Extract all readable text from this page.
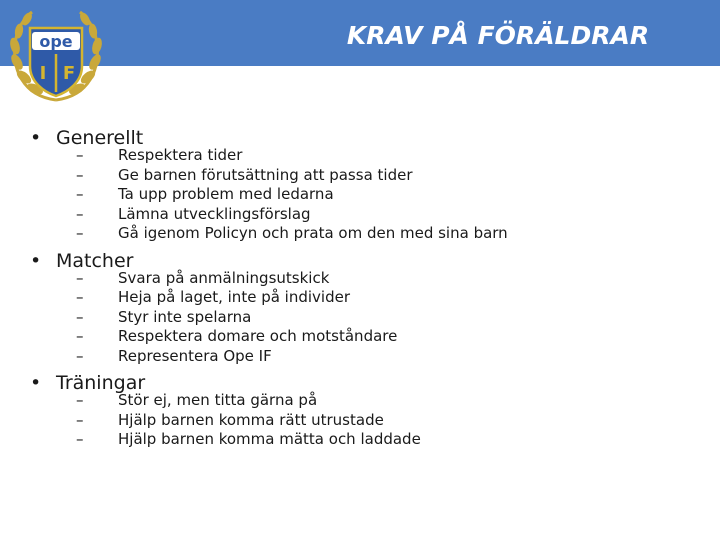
ope
I F
KRAV PÅ FÖRÄLDRAR
• Generellt
–	Respektera tider
–	Ge barnen förutsättning att passa tider
–	Ta upp problem med ledarna
–	Lämna utvecklingsförslag
–	Gå igenom Policyn och prata om den med sina barn
• Matcher
–	Svara på anmälningsutskick
–	Heja på laget, inte på individer
–	Styr inte spelarna
–	Respektera domare och motståndare
–	Representera Ope IF
• Träningar
–	Stör ej, men titta gärna på
–	Hjälp barnen komma rätt utrustade
–	Hjälp barnen komma mätta och laddade
